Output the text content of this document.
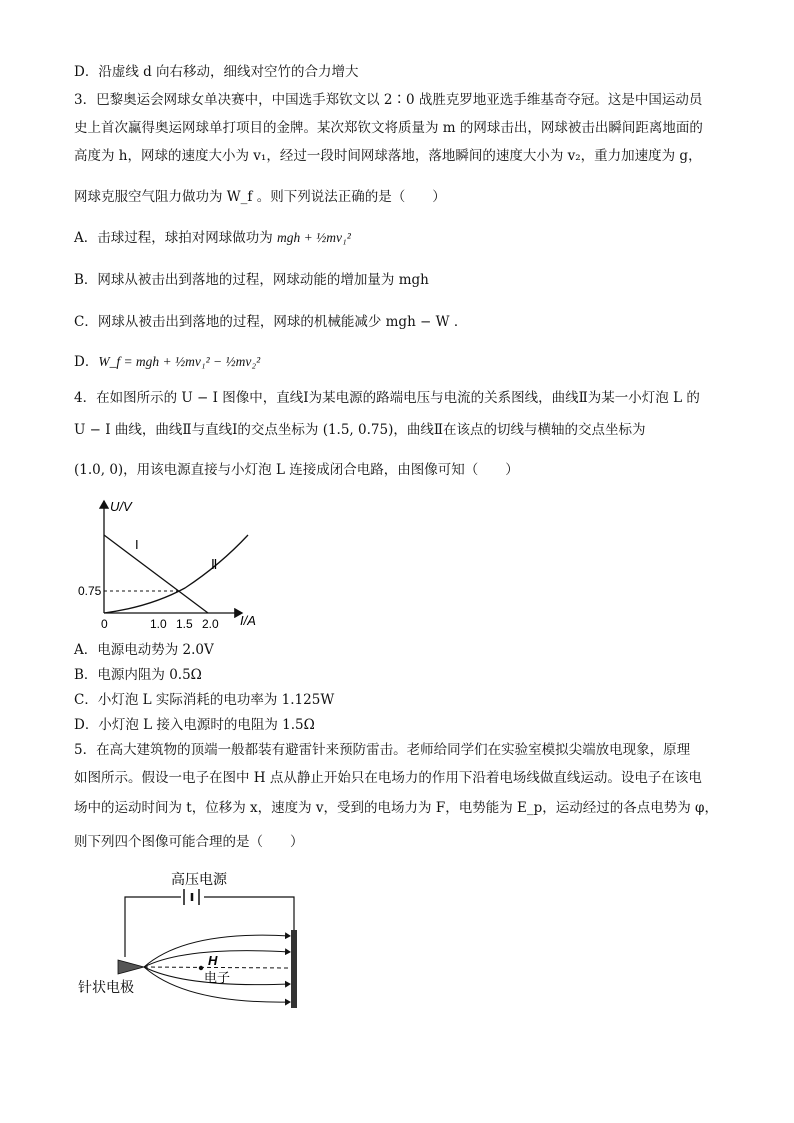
D．沿虚线 d 向右移动，细线对空竹的合力增大
3．巴黎奥运会网球女单决赛中，中国选手郑钦文以 2∶0 战胜克罗地亚选手维基奇夺冠。这是中国运动员
史上首次赢得奥运网球单打项目的金牌。某次郑钦文将质量为 m 的网球击出，网球被击出瞬间距离地面的
高度为 h，网球的速度大小为 v₁，经过一段时间网球落地，落地瞬间的速度大小为 v₂，重力加速度为 g，
网球克服空气阻力做功为 W_f 。则下列说法正确的是（　　）
A．击球过程，球拍对网球做功为 mgh + ½mv₁²
B．网球从被击出到落地的过程，网球动能的增加量为 mgh
C．网球从被击出到落地的过程，网球的机械能减少 mgh − W ．
D．W_f = mgh + ½mv₁² − ½mv₂²
4．在如图所示的 U − I 图像中，直线Ⅰ为某电源的路端电压与电流的关系图线，曲线Ⅱ为某一小灯泡 L 的
U − I 曲线，曲线Ⅱ与直线Ⅰ的交点坐标为 (1.5, 0.75)，曲线Ⅱ在该点的切线与横轴的交点坐标为
(1.0, 0)，用该电源直接与小灯泡 L 连接成闭合电路，由图像可知（　　）
U/V
I/A
0
0.75
1.0 1.5 2.0
I
Ⅱ
A．电源电动势为 2.0V
B．电源内阻为 0.5Ω
C．小灯泡 L 实际消耗的电功率为 1.125W
D．小灯泡 L 接入电源时的电阻为 1.5Ω
5．在高大建筑物的顶端一般都装有避雷针来预防雷击。老师给同学们在实验室模拟尖端放电现象，原理
如图所示。假设一电子在图中 H 点从静止开始只在电场力的作用下沿着电场线做直线运动。设电子在该电
场中的运动时间为 t，位移为 x，速度为 v，受到的电场力为 F，电势能为 E_p，运动经过的各点电势为 φ，
则下列四个图像可能合理的是（　　）
高压电源
H
电子
针状电极
